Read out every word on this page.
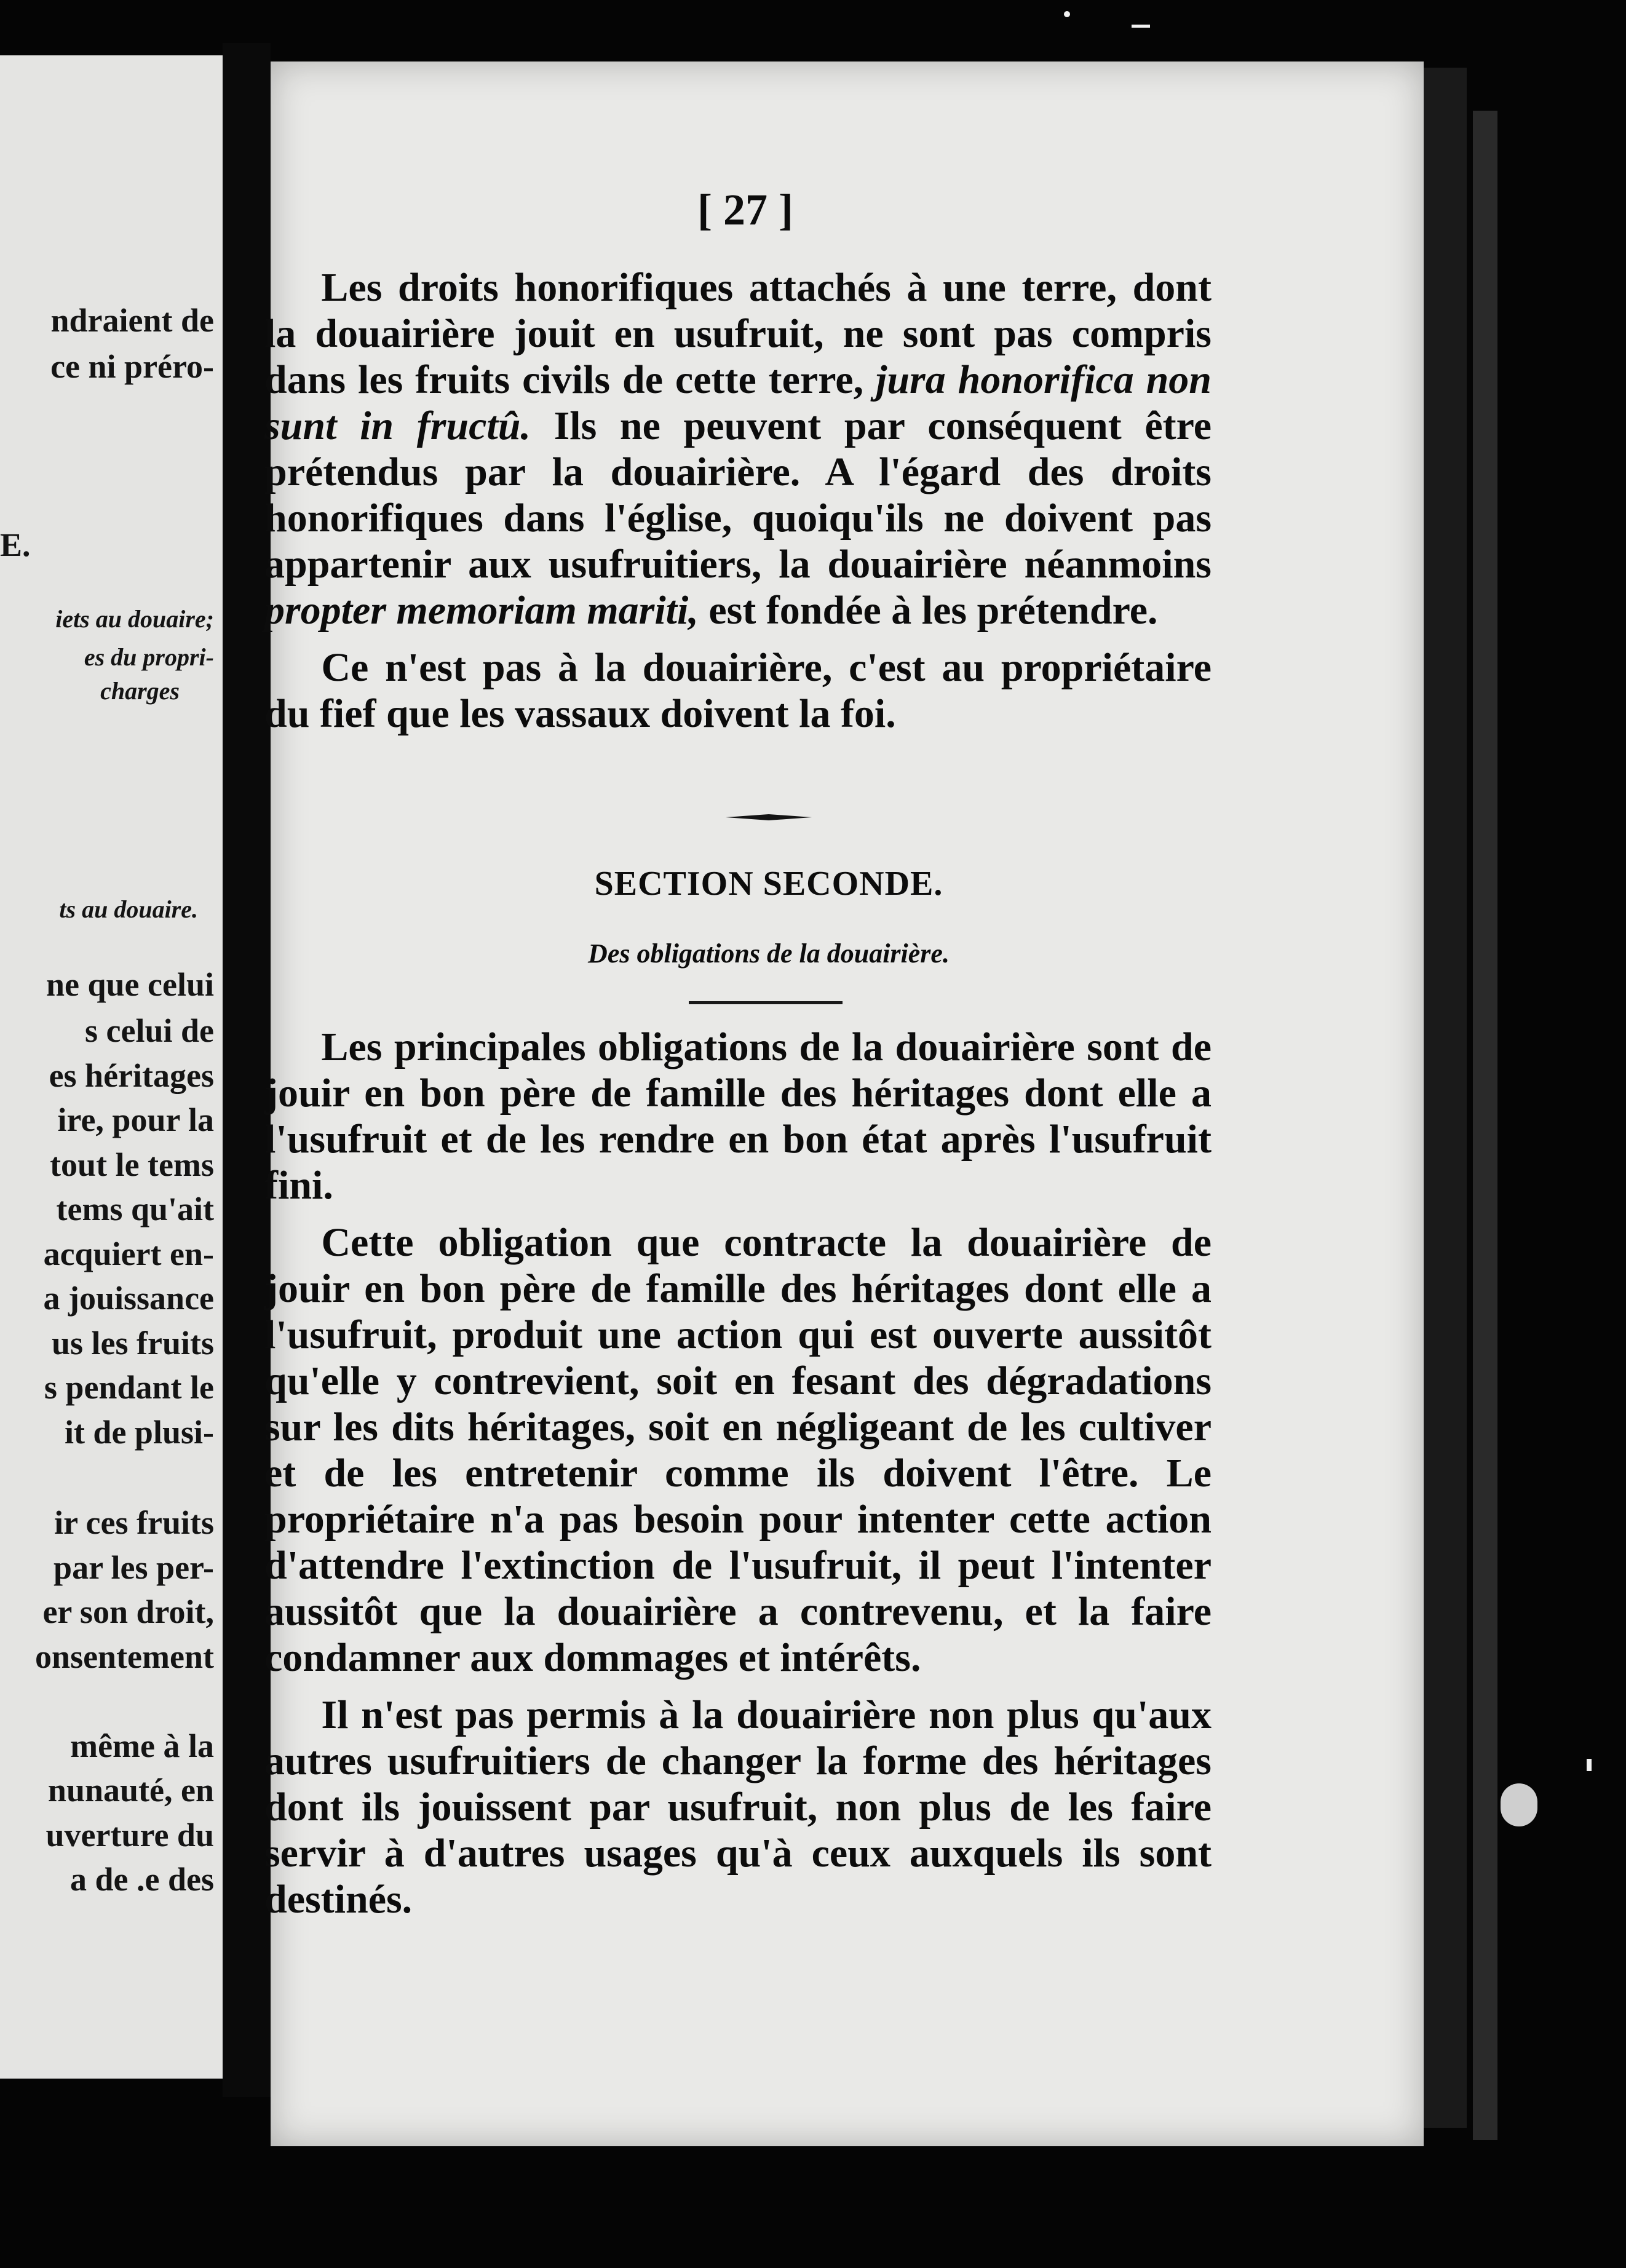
ndraient de
ce ni préro-
E.
iets au douaire;
es du propri-
charges
ts au douaire.
ne que celui
s celui de
es héritages
ire, pour la
tout le tems
tems qu'ait
acquiert en-
a jouissance
us les fruits
s pendant le
it de plusi-
ir ces fruits
par les per-
er son droit,
onsentement
même à la
nunauté, en
uverture du
a de .e des
[ 27 ]

Les droits honorifiques attachés à une terre, dont la douairière jouit en usufruit, ne sont pas compris dans les fruits civils de cette terre, jura honorifica non sunt in fructû. Ils ne peuvent par conséquent être prétendus par la douairière. A l'égard des droits honorifiques dans l'église, quoiqu'ils ne doivent pas appartenir aux usufruitiers, la douairière néanmoins propter memoriam mariti, est fondée à les prétendre.

Ce n'est pas à la douairière, c'est au propriétaire du fief que les vassaux doivent la foi.

SECTION SECONDE.
Des obligations de la douairière.

Les principales obligations de la douairière sont de jouir en bon père de famille des héritages dont elle a l'usufruit et de les rendre en bon état après l'usufruit fini.

Cette obligation que contracte la douairière de jouir en bon père de famille des héritages dont elle a l'usufruit, produit une action qui est ouverte aussitôt qu'elle y contrevient, soit en fesant des dégradations sur les dits héritages, soit en négligeant de les cultiver et de les entretenir comme ils doivent l'être. Le propriétaire n'a pas besoin pour intenter cette action d'attendre l'extinction de l'usufruit, il peut l'intenter aussitôt que la douairière a contrevenu, et la faire condamner aux dommages et intérêts.

Il n'est pas permis à la douairière non plus qu'aux autres usufruitiers de changer la forme des héritages dont ils jouissent par usufruit, non plus de les faire servir à d'autres usages qu'à ceux auxquels ils sont destinés.
